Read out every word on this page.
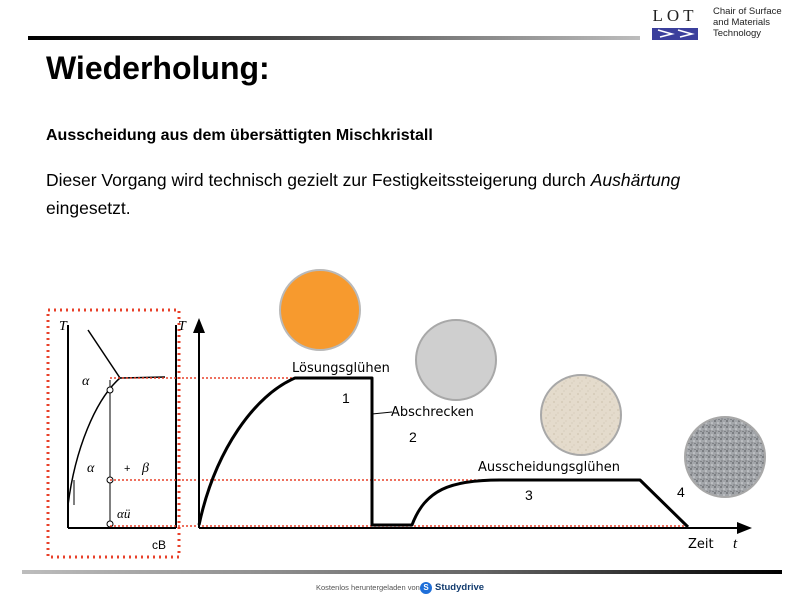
LOT	Chair of Surface
and Materials
Technology
Wiederholung:
Ausscheidung aus dem übersättigten Mischkristall
Dieser Vorgang wird technisch gezielt zur Festigkeitssteigerung durch Aushärtung eingesetzt.
T
α
α	+ β
αü
cB
T
Lösungsglühen
1
Abschrecken
2
Ausscheidungsglühen
3	4
Zeit t
Kostenlos heruntergeladen von S Studydrive
